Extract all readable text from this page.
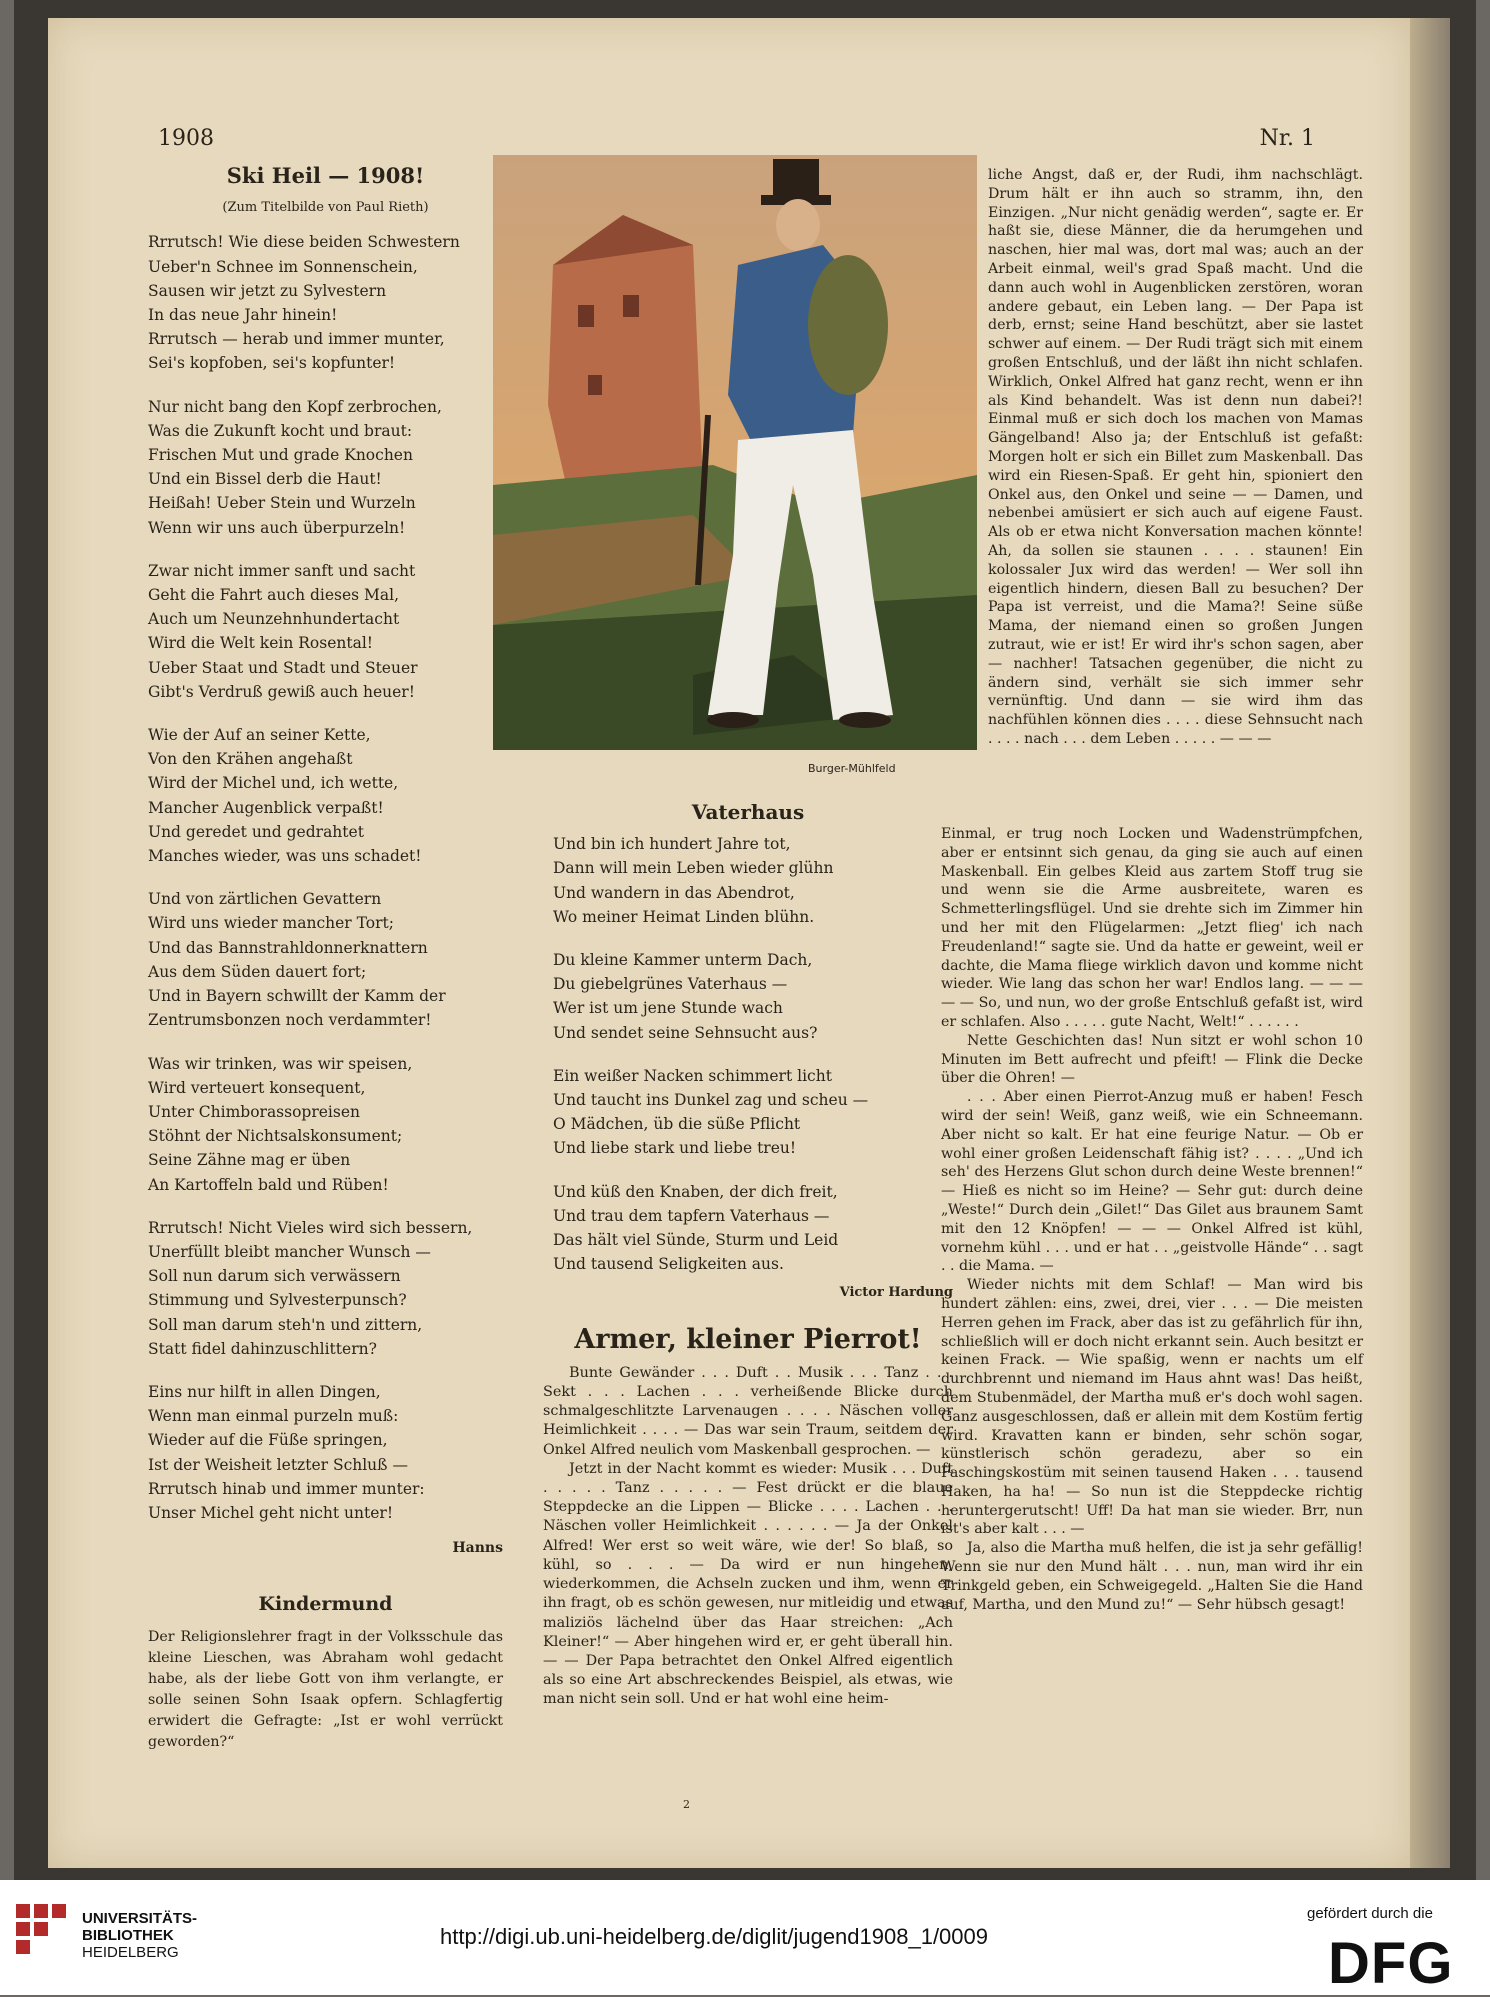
1908	Nr. 1

Ski Heil — 1908!

(Zum Titelbilde von Paul Rieth)

Rrrutsch! Wie diese beiden Schwestern
Ueber'n Schnee im Sonnenschein,
Sausen wir jetzt zu Sylvestern
In das neue Jahr hinein!
Rrrutsch — herab und immer munter,
Sei's kopfoben, sei's kopfunter!

Nur nicht bang den Kopf zerbrochen,
Was die Zukunft kocht und braut:
Frischen Mut und grade Knochen
Und ein Bissel derb die Haut!
Heißah! Ueber Stein und Wurzeln
Wenn wir uns auch überpurzeln!

Zwar nicht immer sanft und sacht
Geht die Fahrt auch dieses Mal,
Auch um Neunzehnhundertacht
Wird die Welt kein Rosental!
Ueber Staat und Stadt und Steuer
Gibt's Verdruß gewiß auch heuer!

Wie der Auf an seiner Kette,
Von den Krähen angehaßt
Wird der Michel und, ich wette,
Mancher Augenblick verpaßt!
Und geredet und gedrahtet
Manches wieder, was uns schadet!

Und von zärtlichen Gevattern
Wird uns wieder mancher Tort;
Und das Bannstrahldonnerknattern
Aus dem Süden dauert fort;
Und in Bayern schwillt der Kamm der
Zentrumsbonzen noch verdammter!

Was wir trinken, was wir speisen,
Wird verteuert konsequent,
Unter Chimborassopreisen
Stöhnt der Nichtsalskonsument;
Seine Zähne mag er üben
An Kartoffeln bald und Rüben!

Rrrutsch! Nicht Vieles wird sich bessern,
Unerfüllt bleibt mancher Wunsch —
Soll nun darum sich verwässern
Stimmung und Sylvesterpunsch?
Soll man darum steh'n und zittern,
Statt fidel dahinzuschlittern?

Eins nur hilft in allen Dingen,
Wenn man einmal purzeln muß:
Wieder auf die Füße springen,
Ist der Weisheit letzter Schluß —
Rrrutsch hinab und immer munter:
Unser Michel geht nicht unter!

Hanns

Kindermund

Der Religionslehrer fragt in der Volksschule das kleine Lieschen, was Abraham wohl gedacht habe, als der liebe Gott von ihm verlangte, er solle seinen Sohn Isaak opfern. Schlagfertig erwidert die Gefragte: „Ist er wohl verrückt geworden?“

Burger-Mühlfeld

Vaterhaus

Und bin ich hundert Jahre tot,
Dann will mein Leben wieder glühn
Und wandern in das Abendrot,
Wo meiner Heimat Linden blühn.

Du kleine Kammer unterm Dach,
Du giebelgrünes Vaterhaus —
Wer ist um jene Stunde wach
Und sendet seine Sehnsucht aus?

Ein weißer Nacken schimmert licht
Und taucht ins Dunkel zag und scheu —
O Mädchen, üb die süße Pflicht
Und liebe stark und liebe treu!

Und küß den Knaben, der dich freit,
Und trau dem tapfern Vaterhaus —
Das hält viel Sünde, Sturm und Leid
Und tausend Seligkeiten aus.

Victor Hardung

Armer, kleiner Pierrot!

Bunte Gewänder . . . Duft . . Musik . . . Tanz . . . Sekt . . . Lachen . . . verheißende Blicke durch schmalgeschlitzte Larvenaugen . . . . Näschen voller Heimlichkeit . . . . — Das war sein Traum, seitdem der Onkel Alfred neulich vom Maskenball gesprochen. —

Jetzt in der Nacht kommt es wieder: Musik . . . Duft . . . . . Tanz . . . . . — Fest drückt er die blaue Steppdecke an die Lippen — Blicke . . . . Lachen . . . Näschen voller Heimlichkeit . . . . . . — Ja der Onkel Alfred! Wer erst so weit wäre, wie der! So blaß, so kühl, so . . . — Da wird er nun hingehen, wiederkommen, die Achseln zucken und ihm, wenn er ihn fragt, ob es schön gewesen, nur mitleidig und etwas maliziös lächelnd über das Haar streichen: „Ach Kleiner!“ — Aber hingehen wird er, er geht überall hin. — — Der Papa betrachtet den Onkel Alfred eigentlich als so eine Art abschreckendes Beispiel, als etwas, wie man nicht sein soll. Und er hat wohl eine heim-

liche Angst, daß er, der Rudi, ihm nachschlägt. Drum hält er ihn auch so stramm, ihn, den Einzigen. „Nur nicht genädig werden“, sagte er. Er haßt sie, diese Männer, die da herumgehen und naschen, hier mal was, dort mal was; auch an der Arbeit einmal, weil's grad Spaß macht. Und die dann auch wohl in Augenblicken zerstören, woran andere gebaut, ein Leben lang. — Der Papa ist derb, ernst; seine Hand beschützt, aber sie lastet schwer auf einem. — Der Rudi trägt sich mit einem großen Entschluß, und der läßt ihn nicht schlafen. Wirklich, Onkel Alfred hat ganz recht, wenn er ihn als Kind behandelt. Was ist denn nun dabei?! Einmal muß er sich doch los machen von Mamas Gängelband! Also ja; der Entschluß ist gefaßt: Morgen holt er sich ein Billet zum Maskenball. Das wird ein Riesen-Spaß. Er geht hin, spioniert den Onkel aus, den Onkel und seine — — Damen, und nebenbei amüsiert er sich auch auf eigene Faust. Als ob er etwa nicht Konversation machen könnte! Ah, da sollen sie staunen . . . . staunen! Ein kolossaler Jux wird das werden! — Wer soll ihn eigentlich hindern, diesen Ball zu besuchen? Der Papa ist verreist, und die Mama?! Seine süße Mama, der niemand einen so großen Jungen zutraut, wie er ist! Er wird ihr's schon sagen, aber — nachher! Tatsachen gegenüber, die nicht zu ändern sind, verhält sie sich immer sehr vernünftig. Und dann — sie wird ihm das nachfühlen können dies . . . . diese Sehnsucht nach . . . . nach . . . dem Leben . . . . . — — —

Einmal, er trug noch Locken und Wadenstrümpfchen, aber er entsinnt sich genau, da ging sie auch auf einen Maskenball. Ein gelbes Kleid aus zartem Stoff trug sie und wenn sie die Arme ausbreitete, waren es Schmetterlingsflügel. Und sie drehte sich im Zimmer hin und her mit den Flügelarmen: „Jetzt flieg' ich nach Freudenland!“ sagte sie. Und da hatte er geweint, weil er dachte, die Mama fliege wirklich davon und komme nicht wieder. Wie lang das schon her war! Endlos lang. — — — — — So, und nun, wo der große Entschluß gefaßt ist, wird er schlafen. Also . . . . . gute Nacht, Welt!“ . . . . . .

Nette Geschichten das! Nun sitzt er wohl schon 10 Minuten im Bett aufrecht und pfeift! — Flink die Decke über die Ohren! —

. . . Aber einen Pierrot-Anzug muß er haben! Fesch wird der sein! Weiß, ganz weiß, wie ein Schneemann. Aber nicht so kalt. Er hat eine feurige Natur. — Ob er wohl einer großen Leidenschaft fähig ist? . . . . „Und ich seh' des Herzens Glut schon durch deine Weste brennen!“ — Hieß es nicht so im Heine? — Sehr gut: durch deine „Weste!“ Durch dein „Gilet!“ Das Gilet aus braunem Samt mit den 12 Knöpfen! — — — Onkel Alfred ist kühl, vornehm kühl . . . und er hat . . „geistvolle Hände“ . . sagt . . die Mama. —

Wieder nichts mit dem Schlaf! — Man wird bis hundert zählen: eins, zwei, drei, vier . . . — Die meisten Herren gehen im Frack, aber das ist zu gefährlich für ihn, schließlich will er doch nicht erkannt sein. Auch besitzt er keinen Frack. — Wie spaßig, wenn er nachts um elf durchbrennt und niemand im Haus ahnt was! Das heißt, dem Stubenmädel, der Martha muß er's doch wohl sagen. Ganz ausgeschlossen, daß er allein mit dem Kostüm fertig wird. Kravatten kann er binden, sehr schön sogar, künstlerisch schön geradezu, aber so ein Faschingskostüm mit seinen tausend Haken . . . tausend Haken, ha ha! — So nun ist die Steppdecke richtig heruntergerutscht! Uff! Da hat man sie wieder. Brr, nun ist's aber kalt . . . —

Ja, also die Martha muß helfen, die ist ja sehr gefällig! Wenn sie nur den Mund hält . . . nun, man wird ihr ein Trinkgeld geben, ein Schweigegeld. „Halten Sie die Hand auf, Martha, und den Mund zu!“ — Sehr hübsch gesagt!

2
UNIVERSITÄTS-
BIBLIOTHEK
HEIDELBERG
http://digi.ub.uni-heidelberg.de/diglit/jugend1908_1/0009
gefördert durch die
DFG
